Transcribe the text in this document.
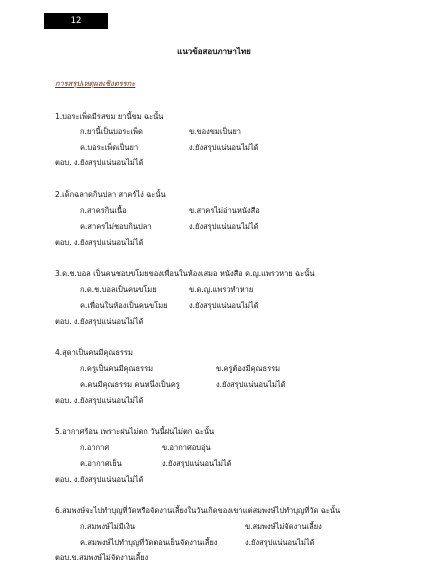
12
แนวข้อสอบภาษาไทย
การสรุปเหตุผลเชิงตรรกะ
1.บอระเพ็ดมีรสขม ยานี้ขม ฉะนั้น
ก.ยานี้เป็นบอระเพ็ด	ข.ของขมเป็นยา
ค.บอระเพ็ดเป็นยา	ง.ยังสรุปแน่นอนไม่ได้
ตอบ. ง.ยังสรุปแน่นอนไม่ได้
2.เด็กฉลาดกินปลา สาคร์ไง่ ฉะนั้น
ก.สาครกินเนื้อ	ข.สาครไม่อ่านหนังสือ
ค.สาครไม่ชอบกินปลา	ง.ยังสรุปแน่นอนไม่ได้
ตอบ. ง.ยังสรุปแน่นอนไม่ได้
3.ด.ช.บอล เป็นคนชอบขโมยของเพื่อนในห้องเสมอ หนังสือ ด.ญ.แพรวหาย ฉะนั้น
ก.ด.ช.บอลเป็นคนขโมย	ข.ด.ญ.แพรวทำหาย
ค.เพื่อนในห้องเป็นคนขโมย	ง.ยังสรุปแน่นอนไม่ได้
ตอบ. ง.ยังสรุปแน่นอนไม่ได้
4.สุดาเป็นคนมีคุณธรรม
ก.ครูเป็นคนมีคุณธรรม	ข.ครูต้องมีคุณธรรม
ค.คนมีคุณธรรม คนหนึ่งเป็นครู	ง.ยังสรุปแน่นอนไม่ได้
ตอบ. ง.ยังสรุปแน่นอนไม่ได้
5.อากาศร้อน เพราะฝนไม่ตก วันนี้ฝนไม่ตก ฉะนั้น
ก.อากาศ	ข.อากาศอบอุ่น
ค.อากาศเย็น	ง.ยังสรุปแน่นอนไม่ได้
ตอบ. ง.ยังสรุปแน่นอนไม่ได้
6.สมพงษ์จะไปทำบุญที่วัดหรือจัดงานเลี้ยงในวันเกิดของเขาแต่สมพงษ์ไปทำบุญที่วัด ฉะนั้น
ก.สมพงษ์ไม่มีเงิน	ข.สมพงษ์ไม่จัดงานเลี้ยง
ค.สมพงษ์ไปทำบุญที่วัดตอนเย็นจัดงานเลี้ยง	ง.ยังสรุปแน่นอนไม่ได้
ตอบ.ข.สมพงษ์ไม่จัดงานเลี้ยง
